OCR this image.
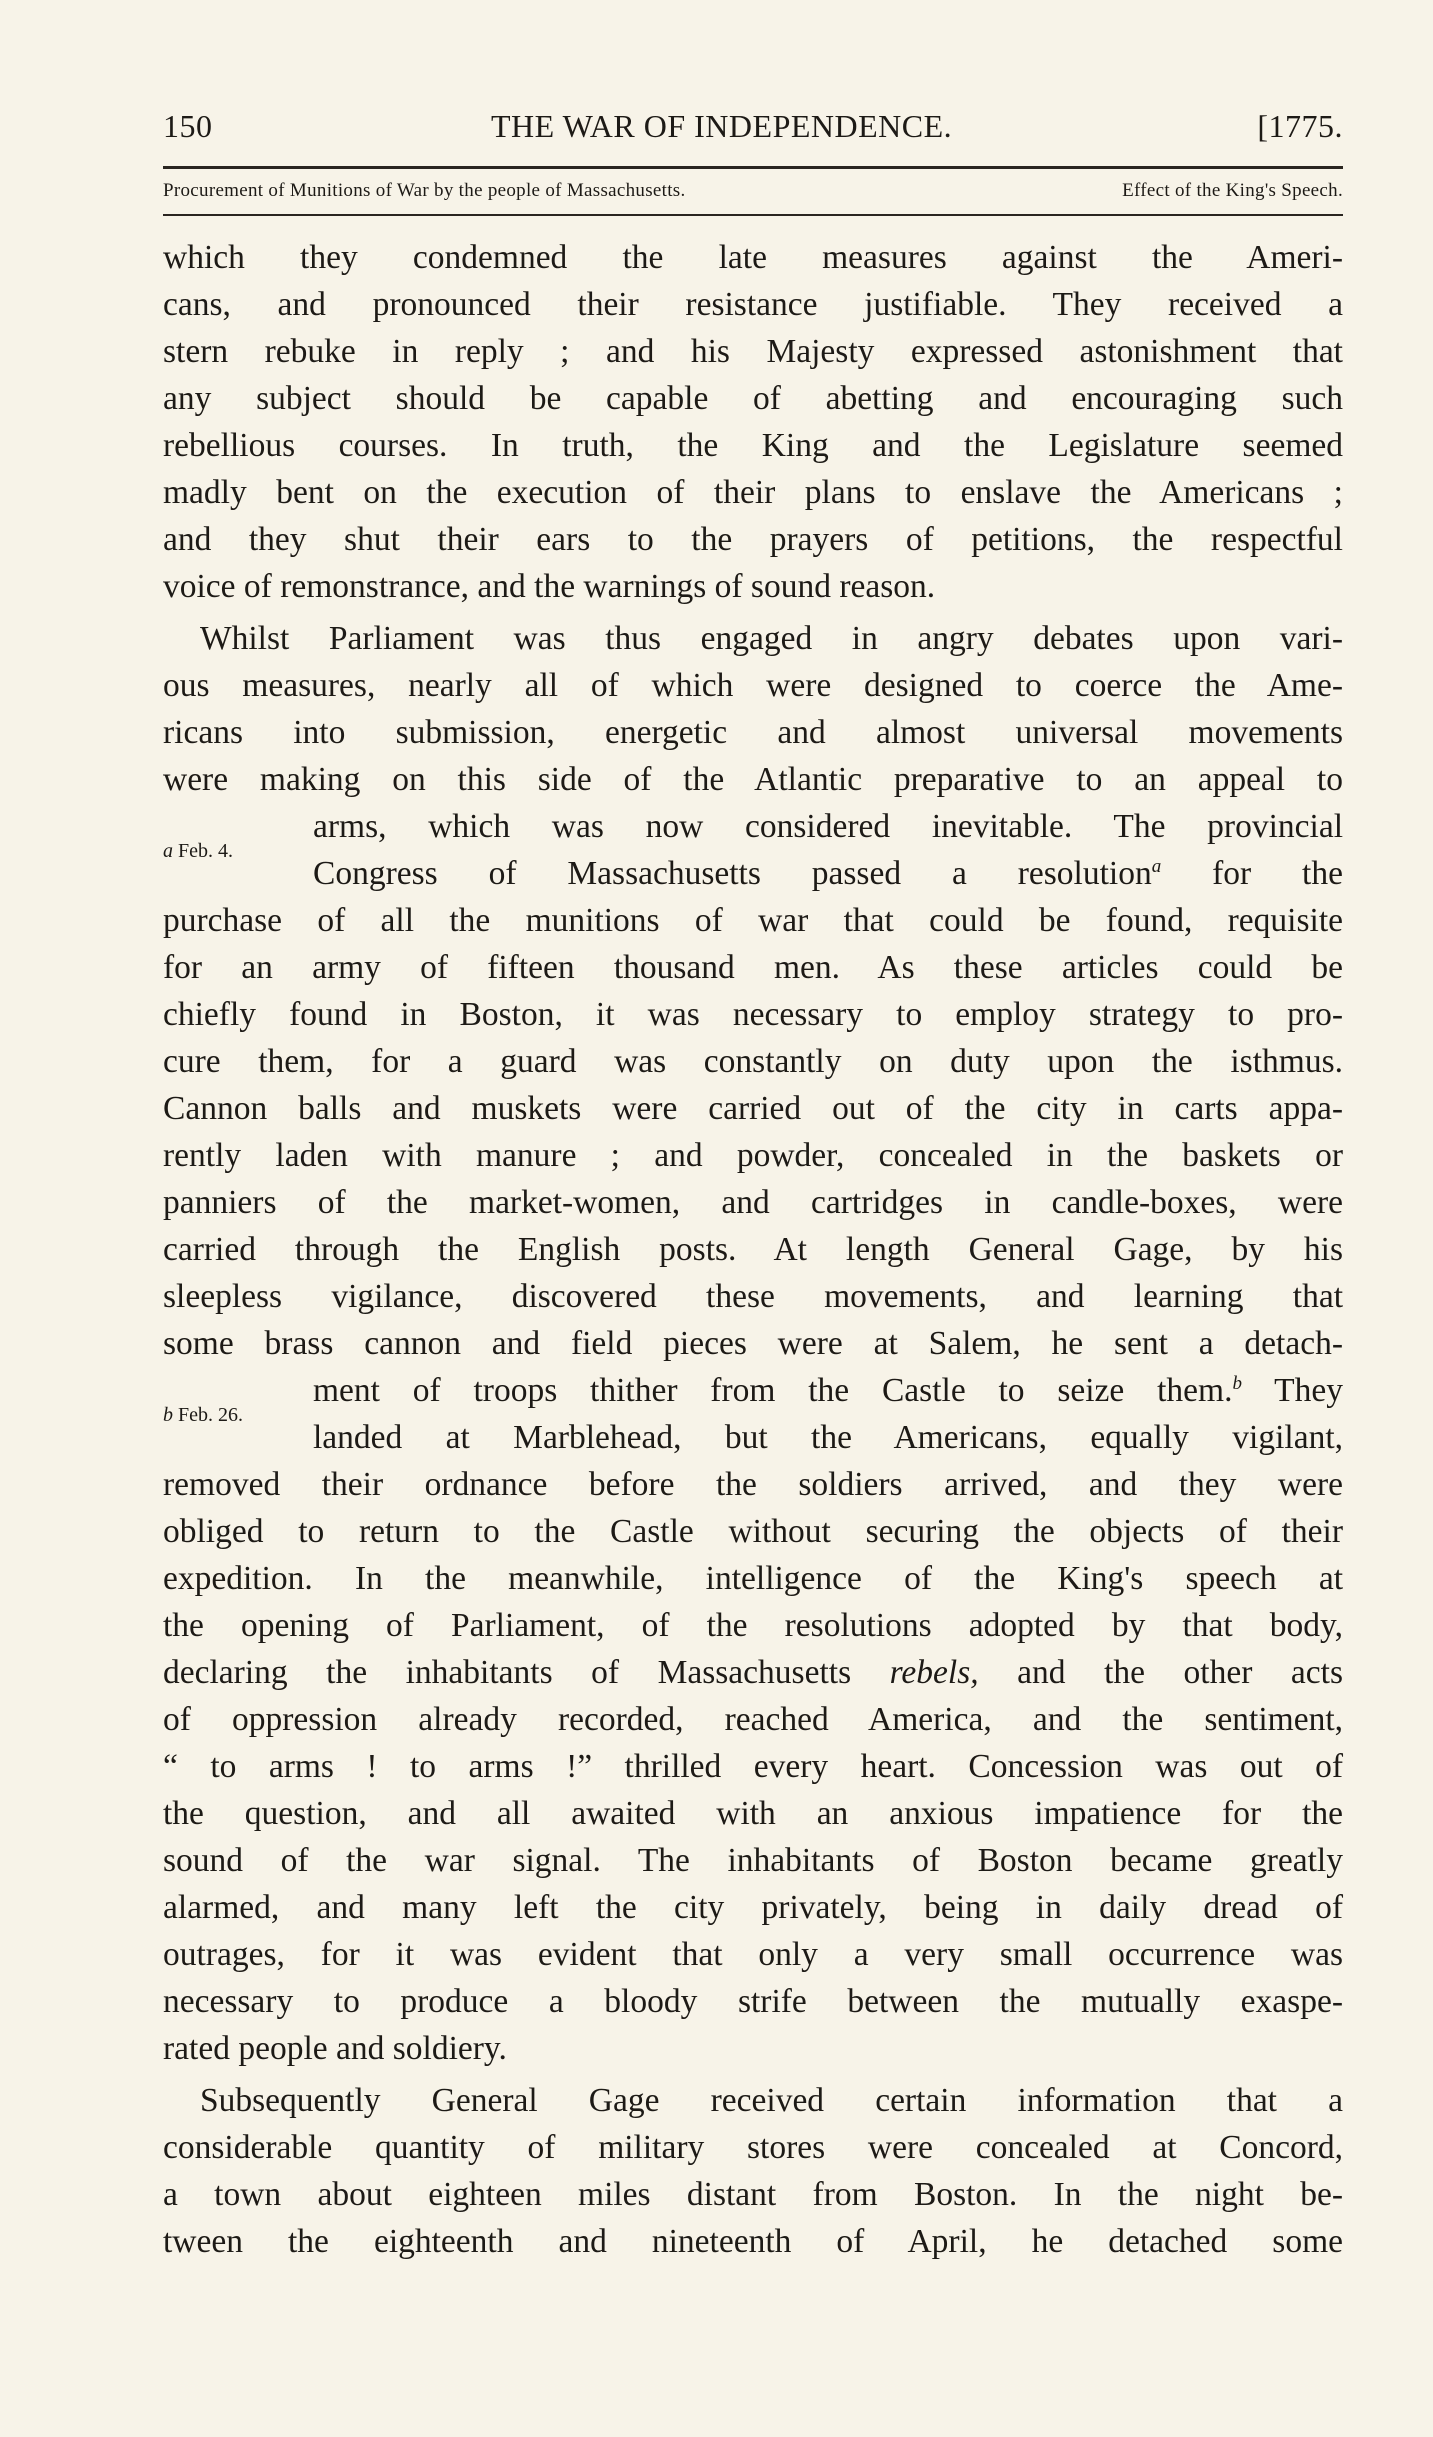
150	THE WAR OF INDEPENDENCE.	[1775.
Procurement of Munitions of War by the people of Massachusetts.	Effect of the King's Speech.
which they condemned the late measures against the Ameri-
cans, and pronounced their resistance justifiable. They received a
stern rebuke in reply ; and his Majesty expressed astonishment that
any subject should be capable of abetting and encouraging such
rebellious courses. In truth, the King and the Legislature seemed
madly bent on the execution of their plans to enslave the Americans ;
and they shut their ears to the prayers of petitions, the respectful
voice of remonstrance, and the warnings of sound reason.
Whilst Parliament was thus engaged in angry debates upon vari-
ous measures, nearly all of which were designed to coerce the Ame-
ricans into submission, energetic and almost universal movements
were making on this side of the Atlantic preparative to an appeal to
arms, which was now considered inevitable. The provincial
a Feb. 4.
Congress of Massachusetts passed a resolution$^a$ for the
purchase of all the munitions of war that could be found, requisite
for an army of fifteen thousand men. As these articles could be
chiefly found in Boston, it was necessary to employ strategy to pro-
cure them, for a guard was constantly on duty upon the isthmus.
Cannon balls and muskets were carried out of the city in carts appa-
rently laden with manure ; and powder, concealed in the baskets or
panniers of the market-women, and cartridges in candle-boxes, were
carried through the English posts. At length General Gage, by his
sleepless vigilance, discovered these movements, and learning that
some brass cannon and field pieces were at Salem, he sent a detach-
ment of troops thither from the Castle to seize them.$^b$ They
b Feb. 26.
landed at Marblehead, but the Americans, equally vigilant,
removed their ordnance before the soldiers arrived, and they were
obliged to return to the Castle without securing the objects of their
expedition. In the meanwhile, intelligence of the King's speech at
the opening of Parliament, of the resolutions adopted by that body,
declaring the inhabitants of Massachusetts rebels, and the other acts
of oppression already recorded, reached America, and the sentiment,
“ to arms ! to arms !” thrilled every heart. Concession was out of
the question, and all awaited with an anxious impatience for the
sound of the war signal. The inhabitants of Boston became greatly
alarmed, and many left the city privately, being in daily dread of
outrages, for it was evident that only a very small occurrence was
necessary to produce a bloody strife between the mutually exaspe-
rated people and soldiery.
Subsequently General Gage received certain information that a
considerable quantity of military stores were concealed at Concord,
a town about eighteen miles distant from Boston. In the night be-
tween the eighteenth and nineteenth of April, he detached some
